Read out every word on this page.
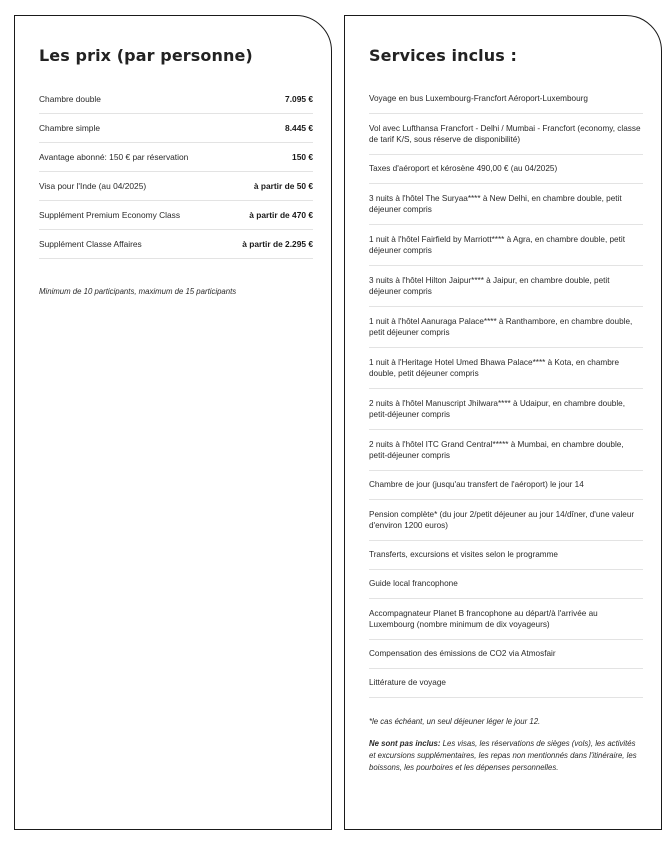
Les prix (par personne)
Chambre double	7.095 €
Chambre simple	8.445 €
Avantage abonné: 150 € par réservation	150 €
Visa pour l'Inde (au 04/2025)	à partir de 50 €
Supplément Premium Economy Class	à partir de 470 €
Supplément Classe Affaires	à partir de 2.295 €
Minimum de 10 participants, maximum de 15 participants
Services inclus :
Voyage en bus Luxembourg-Francfort Aéroport-Luxembourg
Vol avec Lufthansa Francfort - Delhi / Mumbai - Francfort (economy, classe de tarif K/S, sous réserve de disponibilité)
Taxes d'aéroport et kérosène 490,00 € (au 04/2025)
3 nuits à l'hôtel The Suryaa**** à New Delhi, en chambre double, petit déjeuner compris
1 nuit à l'hôtel Fairfield by Marriott**** à Agra, en chambre double, petit déjeuner compris
3 nuits à l'hôtel Hilton Jaipur**** à Jaipur, en chambre double, petit déjeuner compris
1 nuit à l'hôtel Aanuraga Palace**** à Ranthambore, en chambre double, petit déjeuner compris
1 nuit à l'Heritage Hotel Umed Bhawa Palace**** à Kota, en chambre double, petit déjeuner compris
2 nuits à l'hôtel Manuscript Jhilwara**** à Udaipur, en chambre double, petit-déjeuner compris
2 nuits à l'hôtel ITC Grand Central***** à Mumbai, en chambre double, petit-déjeuner compris
Chambre de jour (jusqu'au transfert de l'aéroport) le jour 14
Pension complète* (du jour 2/petit déjeuner au jour 14/dîner, d'une valeur d'environ 1200 euros)
Transferts, excursions et visites selon le programme
Guide local francophone
Accompagnateur Planet B francophone au départ/à l'arrivée au Luxembourg (nombre minimum de dix voyageurs)
Compensation des émissions de CO2 via Atmosfair
Littérature de voyage
*le cas échéant, un seul déjeuner léger le jour 12.
Ne sont pas inclus: Les visas, les réservations de sièges (vols), les activités et excursions supplémentaires, les repas non mentionnés dans l'itinéraire, les boissons, les pourboires et les dépenses personnelles.
